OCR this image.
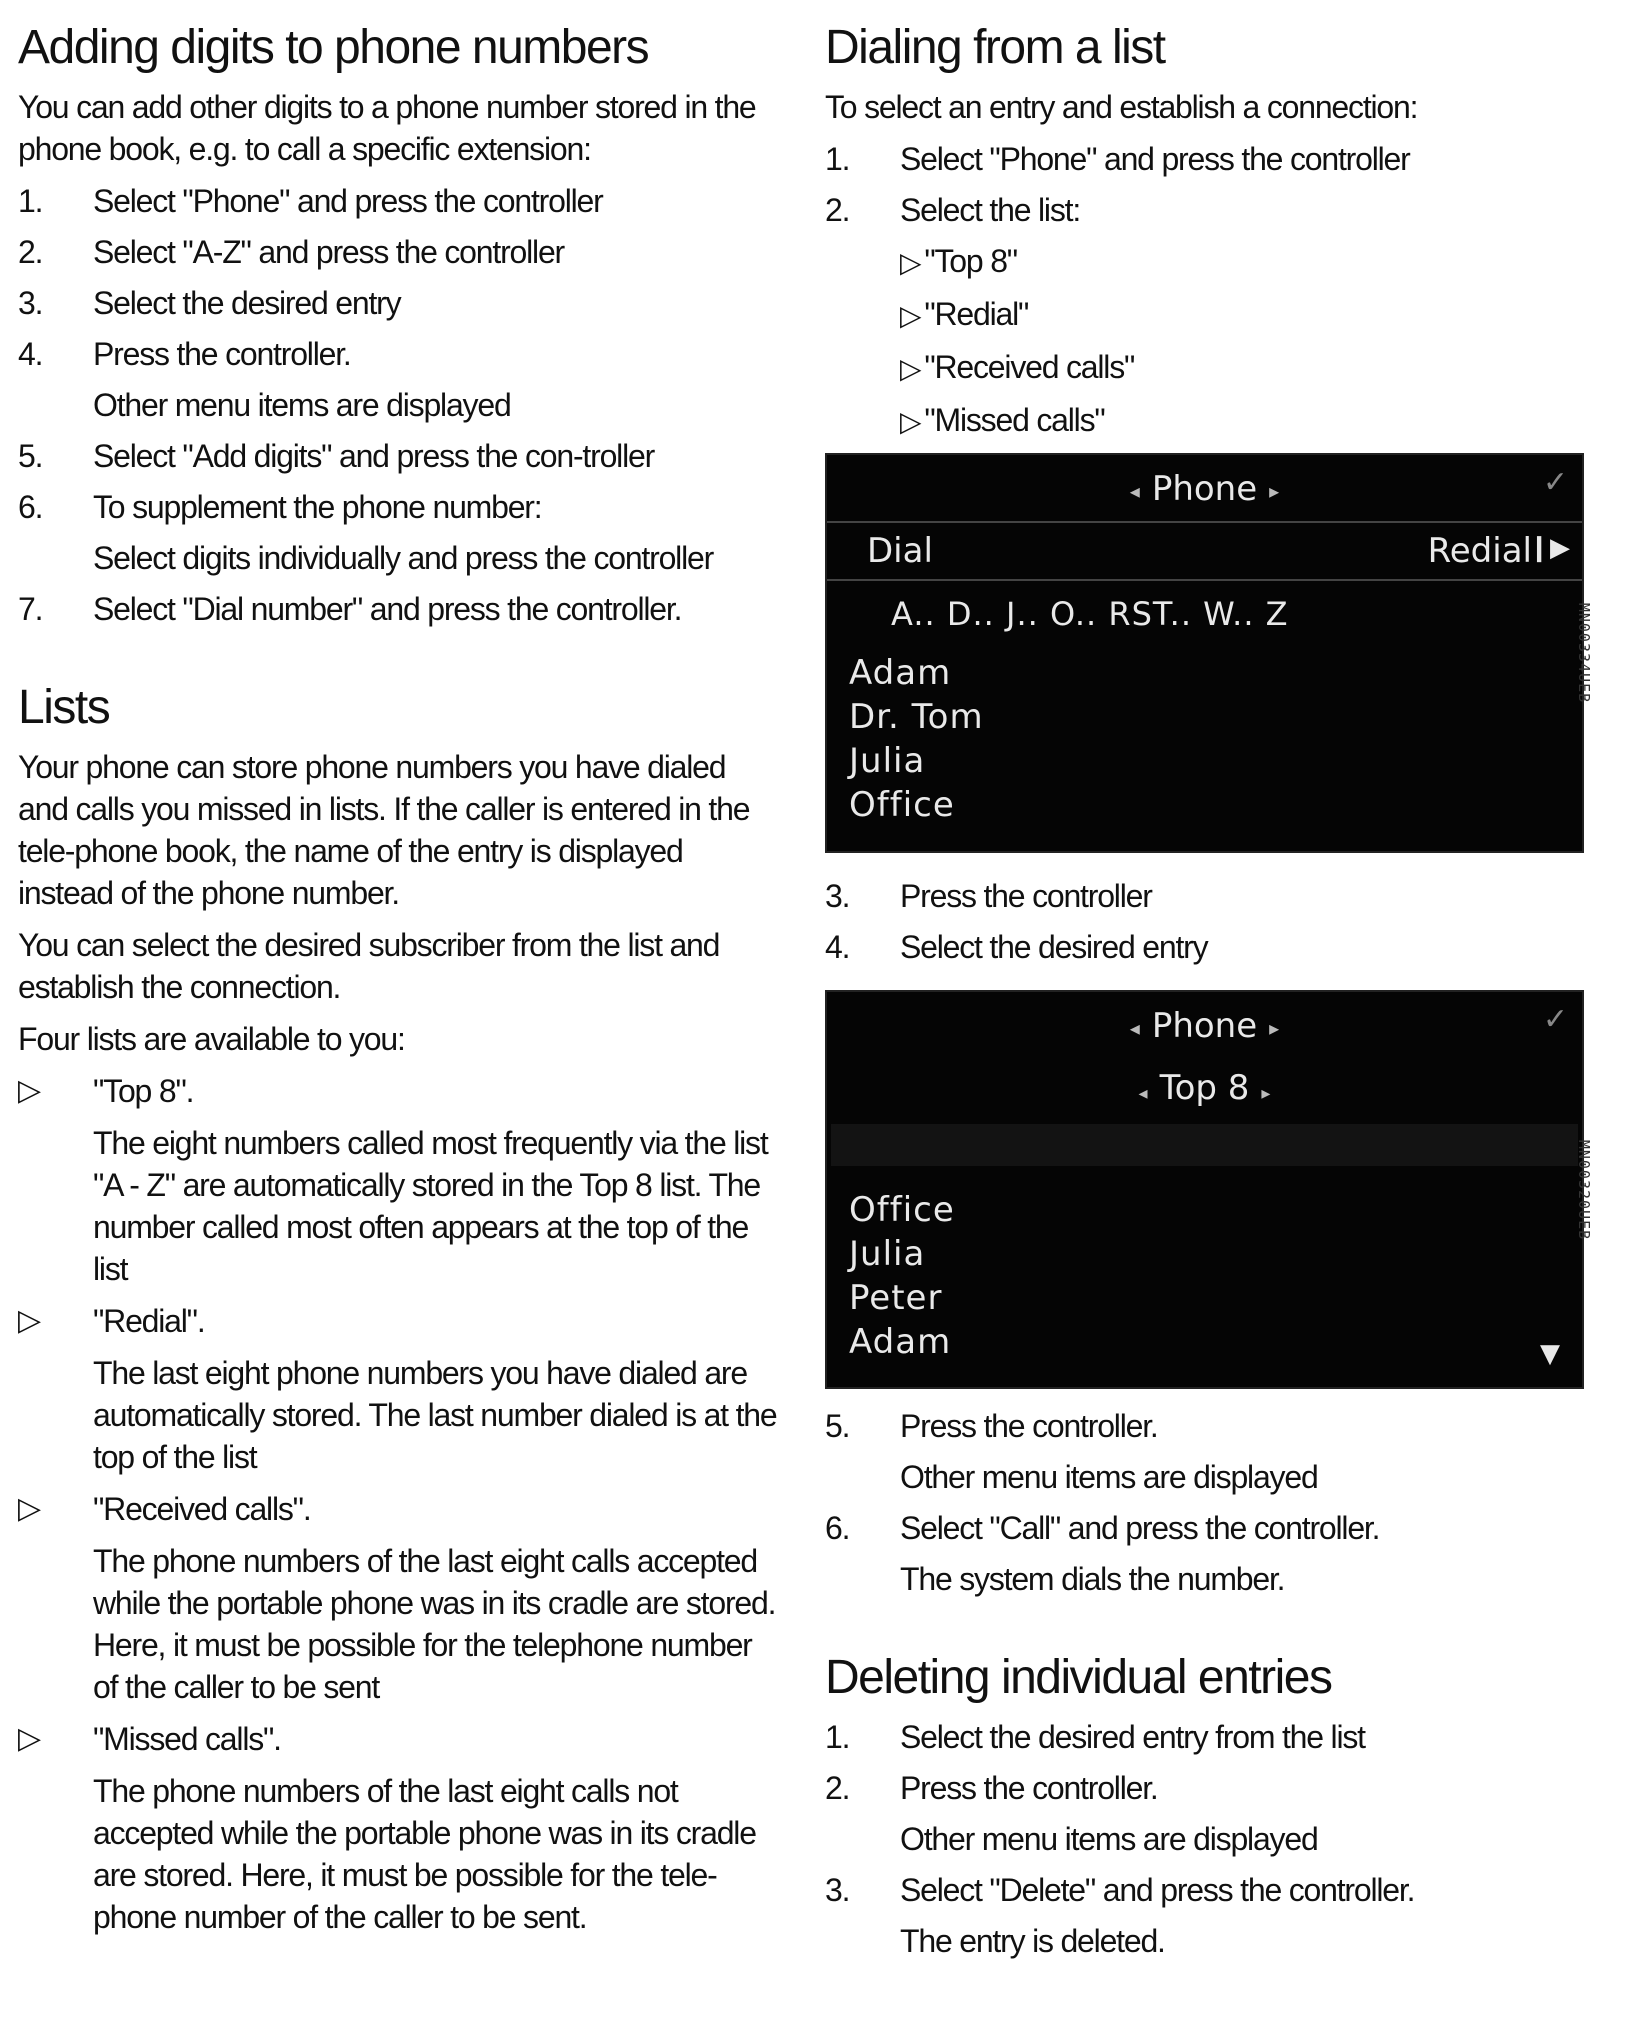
Adding digits to phone numbers

You can add other digits to a phone number stored in the phone book, e.g. to call a specific extension:

1.	Select "Phone" and press the controller
2.	Select "A-Z" and press the controller
3.	Select the desired entry
4.	Press the controller.
Other menu items are displayed
5.	Select "Add digits" and press the con-troller
6.	To supplement the phone number:
Select digits individually and press the controller
7.	Select "Dial number" and press the controller.
Lists

Your phone can store phone numbers you have dialed and calls you missed in lists. If the caller is entered in the tele-phone book, the name of the entry is displayed instead of the phone number.

You can select the desired subscriber from the list and establish the connection.

Four lists are available to you:

▷	"Top 8".
The eight numbers called most frequently via the list "A - Z" are automatically stored in the Top 8 list. The number called most often appears at the top of the list
▷	"Redial".
The last eight phone numbers you have dialed are automatically stored. The last number dialed is at the top of the list
▷	"Received calls".
The phone numbers of the last eight calls accepted while the portable phone was in its cradle are stored. Here, it must be possible for the telephone number of the caller to be sent
▷	"Missed calls".
The phone numbers of the last eight calls not accepted while the portable phone was in its cradle are stored. Here, it must be possible for the tele-phone number of the caller to be sent.
Dialing from a list

To select an entry and establish a connection:

1.	Select "Phone" and press the controller
2.	Select the list:
▷ "Top 8"
▷ "Redial"
▷ "Received calls"
▷ "Missed calls"
◂ Phone ▸	✓
Dial	Redial
❙▶
A.. D.. J.. O.. RST.. W.. Z
Adam
Dr. Tom
Julia
Office
MN00334UEB
3.	Press the controller
4.	Select the desired entry
◂ Phone ▸	✓
◂ Top 8 ▸
Office
Julia
Peter
Adam	▼
MN00320UEB
5.	Press the controller.
Other menu items are displayed
6.	Select "Call" and press the controller.
The system dials the number.
Deleting individual entries
1.	Select the desired entry from the list
2.	Press the controller.
Other menu items are displayed
3.	Select "Delete" and press the controller.
The entry is deleted.
